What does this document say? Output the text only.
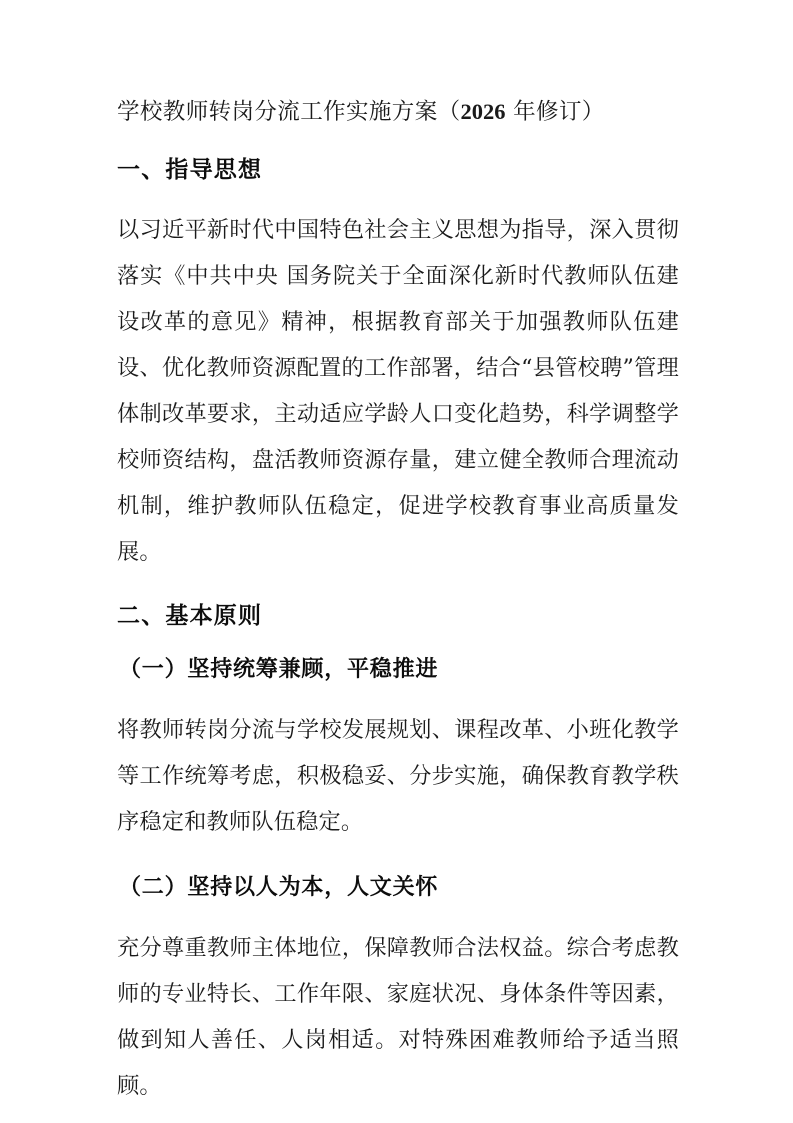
学校教师转岗分流工作实施方案（2026 年修订）
一、指导思想

以习近平新时代中国特色社会主义思想为指导，深入贯彻落实《中共中央 国务院关于全面深化新时代教师队伍建设改革的意见》精神，根据教育部关于加强教师队伍建设、优化教师资源配置的工作部署，结合“县管校聘”管理体制改革要求，主动适应学龄人口变化趋势，科学调整学校师资结构，盘活教师资源存量，建立健全教师合理流动机制，维护教师队伍稳定，促进学校教育事业高质量发展。

二、基本原则
（一）坚持统筹兼顾，平稳推进

将教师转岗分流与学校发展规划、课程改革、小班化教学等工作统筹考虑，积极稳妥、分步实施，确保教育教学秩序稳定和教师队伍稳定。

（二）坚持以人为本，人文关怀

充分尊重教师主体地位，保障教师合法权益。综合考虑教师的专业特长、工作年限、家庭状况、身体条件等因素，做到知人善任、人岗相适。对特殊困难教师给予适当照顾。
